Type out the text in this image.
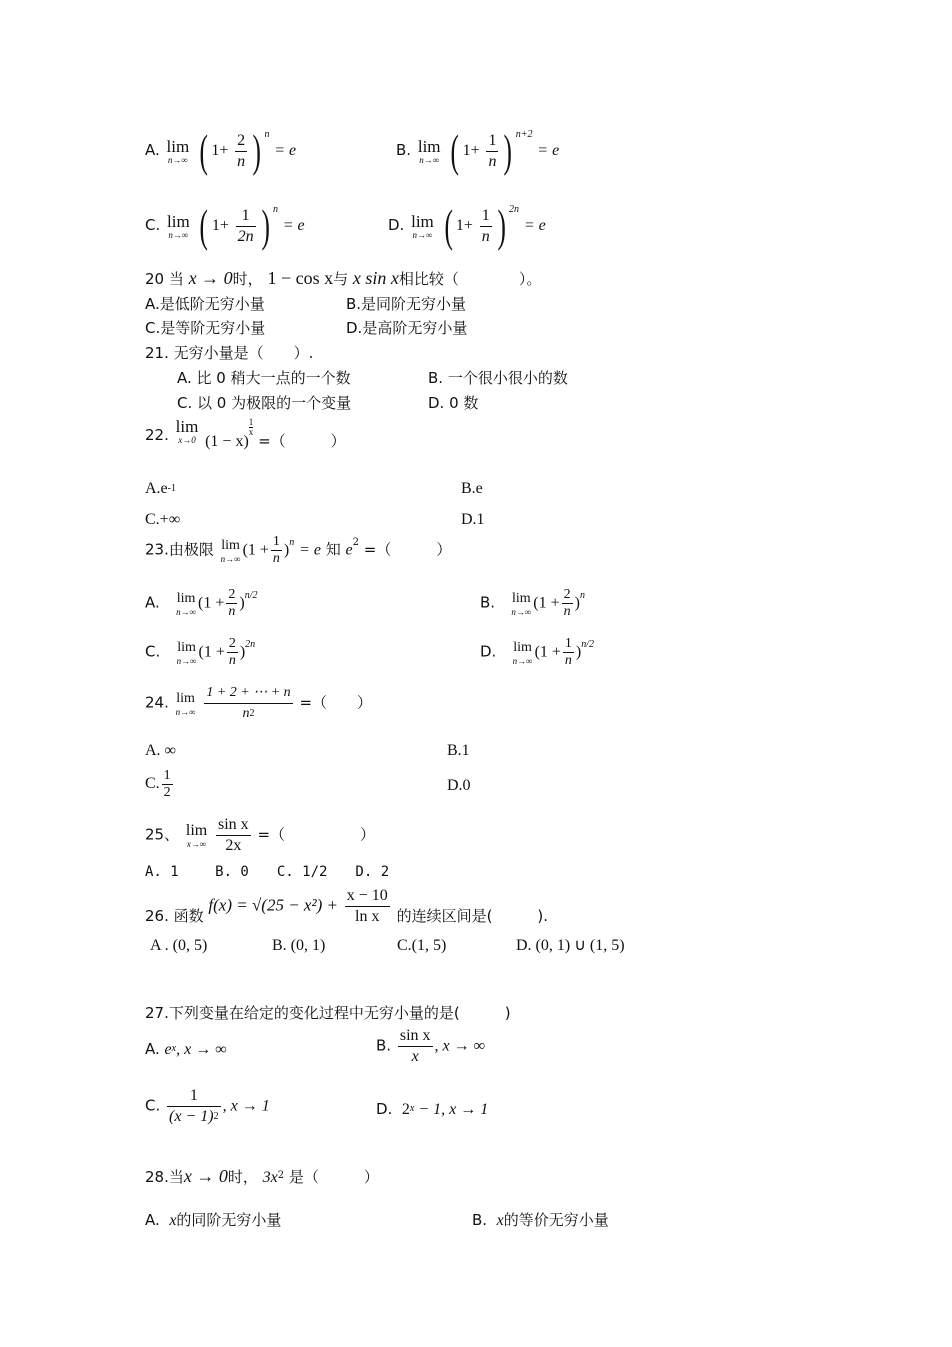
A. lim
n→∞ ( $1+ \frac{2}{n}$ ) $^n$ = e	B. lim
n→∞ ( $1+ \frac{1}{n}$ ) $^{n+2}$ = e
C. lim
n→∞ ( $1+ \frac{1}{2n}$ ) $^n$ = e	D. lim
n→∞ ( $1+ \frac{1}{n}$ ) $^{2n}$ = e
20 当 x → 0时， 1 − cos x与 x sin x相比较（　　　　）。
A.是低阶无穷小量	B.是同阶无穷小量
C.是等阶无穷小量	D.是高阶无穷小量
21. 无穷小量是（　　）.
A. 比 0 稍大一点的一个数	B. 一个很小很小的数
C. 以 0 为极限的一个变量	D. 0 数
22. lim
x→0 (1 − x)
$\frac{1}{x}$
=（　　　）
$A.e^{-1}$	B.e
C.+∞	D.1
23.由极限 lim
n→∞
$(1 + \frac{1}{n} )^n = e$ 知 $e^2$ =（　　　）
A. lim
n→∞
$(1 + \frac{2}{n} )^{n/2}$	B. lim
n→∞
$(1 + \frac{2}{n} )^n$
C. lim
n→∞
$(1 + \frac{2}{n} )^{2n}$	D. lim
n→∞
$(1 + \frac{1}{n} )^{n/2}$
24. lim
n→∞
$\frac{1 + 2 + \cdots + n}{n^2}$ =（　　）
A. ∞	B.1
C. $\frac{1}{2}$	D.0
25、 lim
x→∞
$\frac{\text{sin x}}{2x}$ =（　　　　　）
A. 1　　 B. 0　　C. 1/2　　D. 2
26. 函数 $f(x) = √(25 - x^2) + \frac{x - 10}{\text{ln x}}$ 的连续区间是(　　　).
A . (0, 5)	B. (0, 1)	C.(1, 5)	D. (0, 1) ∪ (1, 5)
27.下列变量在给定的变化过程中无穷小量的是(　　　)
A. $e^x$, x → ∞	B. $\frac{\text{sin x}}{x}$ , x → ∞
C. $\frac{1}{(x - 1)^2}$ , x → 1	D. $2^x - 1$, x → 1
28.当x → 0时， $3x^2$ 是（　　　）
A. x的同阶无穷小量	B. x的等价无穷小量
